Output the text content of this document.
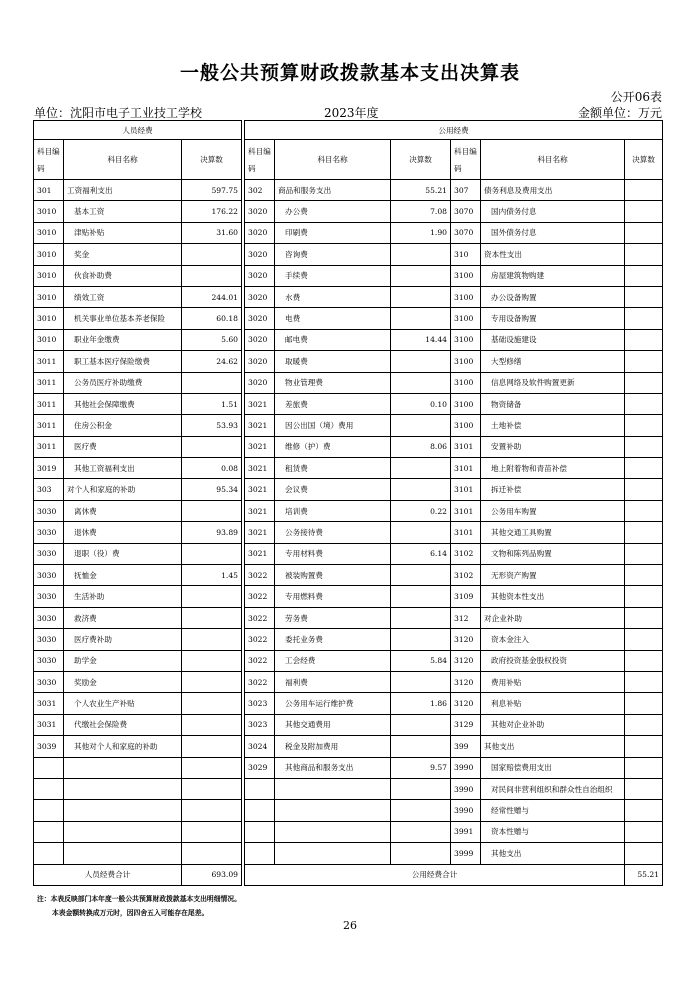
一般公共预算财政拨款基本支出决算表
公开06表
单位：沈阳市电子工业技工学校	2023年度	金额单位：万元
人员经费				公用经费					
科目编码	科目名称	决算数		科目编码	科目名称	决算数	科目编码	科目名称	决算数
301	工资福利支出	597.75		302	商品和服务支出	55.21	307	债务利息及费用支出	
3010	基本工资	176.22		3020	办公费	7.08	3070	国内债务付息	
3010	津贴补贴	31.60		3020	印刷费	1.90	3070	国外债务付息	
3010	奖金			3020	咨询费		310	资本性支出	
3010	伙食补助费			3020	手续费		3100	房屋建筑物购建	
3010	绩效工资	244.01		3020	水费		3100	办公设备购置	
3010	机关事业单位基本养老保险	60.18		3020	电费		3100	专用设备购置	
3010	职业年金缴费	5.60		3020	邮电费	14.44	3100	基础设施建设	
3011	职工基本医疗保险缴费	24.62		3020	取暖费		3100	大型修缮	
3011	公务员医疗补助缴费			3020	物业管理费		3100	信息网络及软件购置更新	
3011	其他社会保障缴费	1.51		3021	差旅费	0.10	3100	物资储备	
3011	住房公积金	53.93		3021	因公出国（境）费用		3100	土地补偿	
3011	医疗费			3021	维修（护）费	8.06	3101	安置补助	
3019	其他工资福利支出	0.08		3021	租赁费		3101	地上附着物和青苗补偿	
303	对个人和家庭的补助	95.34		3021	会议费		3101	拆迁补偿	
3030	离休费			3021	培训费	0.22	3101	公务用车购置	
3030	退休费	93.89		3021	公务接待费		3101	其他交通工具购置	
3030	退职（役）费			3021	专用材料费	6.14	3102	文物和陈列品购置	
3030	抚恤金	1.45		3022	被装购置费		3102	无形资产购置	
3030	生活补助			3022	专用燃料费		3109	其他资本性支出	
3030	救济费			3022	劳务费		312	对企业补助	
3030	医疗费补助			3022	委托业务费		3120	资本金注入	
3030	助学金			3022	工会经费	5.84	3120	政府投资基金股权投资	
3030	奖励金			3022	福利费		3120	费用补贴	
3031	个人农业生产补贴			3023	公务用车运行维护费	1.86	3120	利息补贴	
3031	代缴社会保险费			3023	其他交通费用		3129	其他对企业补助	
3039	其他对个人和家庭的补助			3024	税金及附加费用		399	其他支出	
				3029	其他商品和服务支出	9.57	3990	国家赔偿费用支出	
							3990	对民间非营利组织和群众性自治组织	
							3990	经常性赠与	
							3991	资本性赠与	
							3999	其他支出	
人员经费合计		693.09		公用经费合计					55.21
注：本表反映部门本年度一般公共预算财政拨款基本支出明细情况。
本表金额转换成万元时，因四舍五入可能存在尾差。
26
